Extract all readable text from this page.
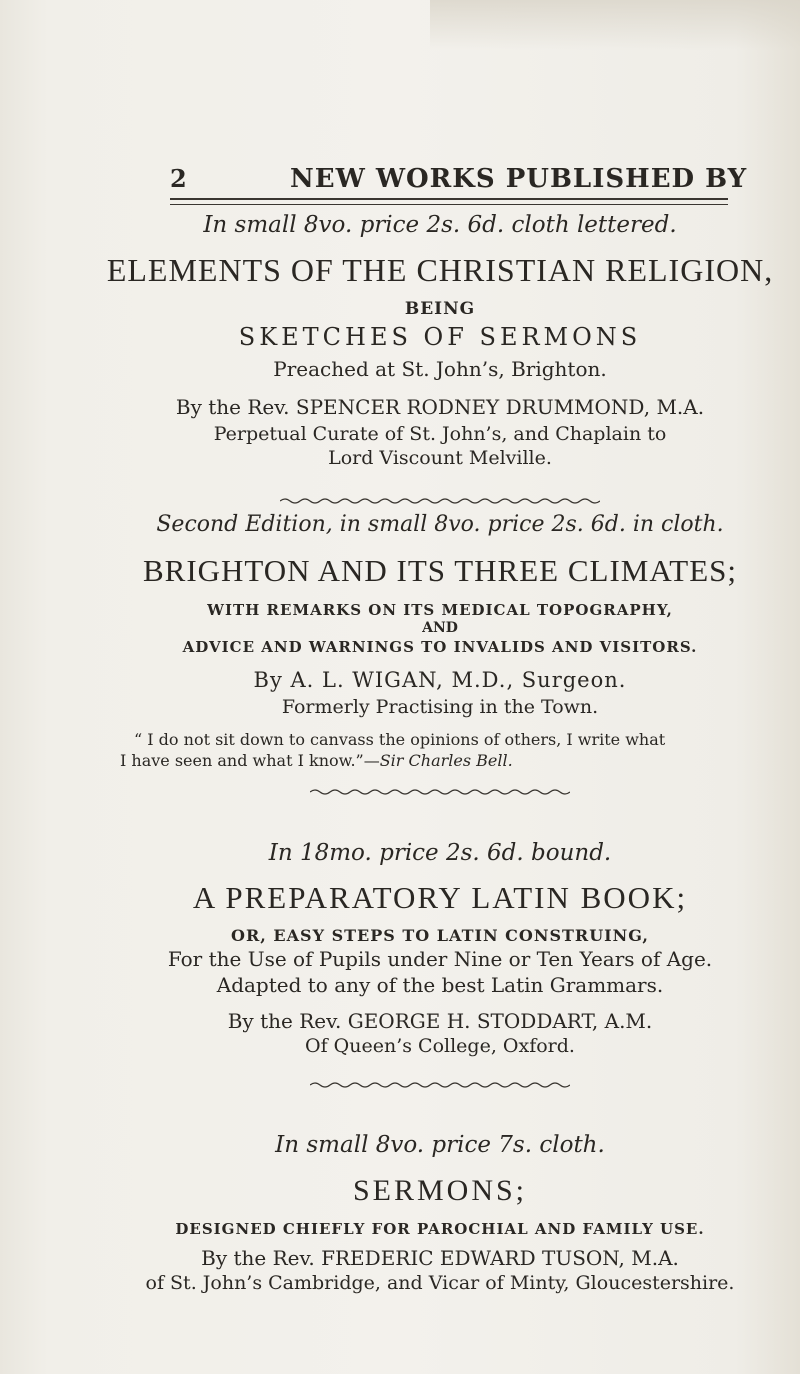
2	NEW WORKS PUBLISHED BY
In small 8vo. price 2s. 6d. cloth lettered.
ELEMENTS OF THE CHRISTIAN RELIGION,
BEING
SKETCHES OF SERMONS
Preached at St. John’s, Brighton.
By the Rev. SPENCER RODNEY DRUMMOND, M.A.
Perpetual Curate of St. John’s, and Chaplain to
Lord Viscount Melville.
Second Edition, in small 8vo. price 2s. 6d. in cloth.
BRIGHTON AND ITS THREE CLIMATES;
WITH REMARKS ON ITS MEDICAL TOPOGRAPHY,
AND
ADVICE AND WARNINGS TO INVALIDS AND VISITORS.
By A. L. WIGAN, M.D., Surgeon.
Formerly Practising in the Town.
“ I do not sit down to canvass the opinions of others, I write what
I have seen and what I know.”—Sir Charles Bell.
In 18mo. price 2s. 6d. bound.
A PREPARATORY LATIN BOOK;
OR, EASY STEPS TO LATIN CONSTRUING,
For the Use of Pupils under Nine or Ten Years of Age.
Adapted to any of the best Latin Grammars.
By the Rev. GEORGE H. STODDART, A.M.
Of Queen’s College, Oxford.
In small 8vo. price 7s. cloth.
SERMONS;
DESIGNED CHIEFLY FOR PAROCHIAL AND FAMILY USE.
By the Rev. FREDERIC EDWARD TUSON, M.A.
of St. John’s Cambridge, and Vicar of Minty, Gloucestershire.
